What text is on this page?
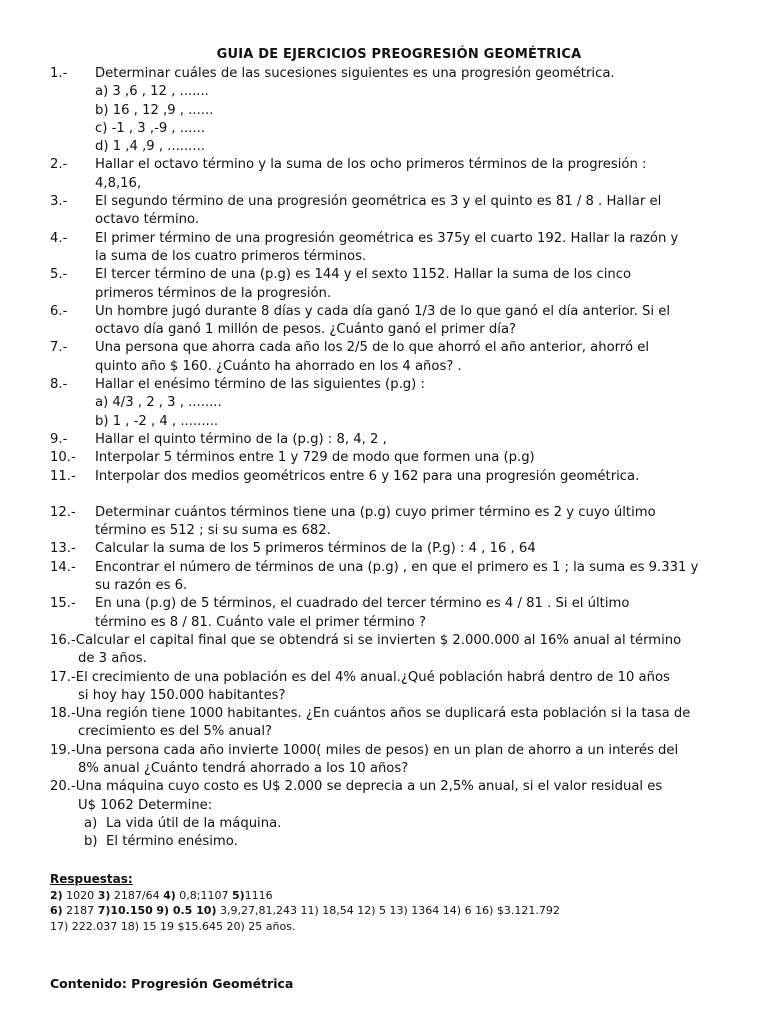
GUIA DE EJERCICIOS PREOGRESIÓN GEOMÉTRICA
1.-	Determinar cuáles de las sucesiones siguientes es una progresión geométrica.
a) 3 ,6 , 12 , .......
b) 16 , 12 ,9 , ......
c) -1 , 3 ,-9 , ......
d) 1 ,4 ,9 , .........
2.-	Hallar el octavo término y la suma de los ocho primeros términos de la progresión :
4,8,16,
3.-	El segundo término de una progresión geométrica es 3 y el quinto es 81 / 8 . Hallar el
octavo término.
4.-	El primer término de una progresión geométrica es 375y el cuarto 192. Hallar la razón y
la suma de los cuatro primeros términos.
5.-	El tercer término de una (p.g) es 144 y el sexto 1152. Hallar la suma de los cinco
primeros términos de la progresión.
6.-	Un hombre jugó durante 8 días y cada día ganó 1/3 de lo que ganó el día anterior. Si el
octavo día ganó 1 millón de pesos. ¿Cuánto ganó el primer día?
7.-	Una persona que ahorra cada año los 2/5 de lo que ahorró el año anterior, ahorró el
quinto año $ 160. ¿Cuánto ha ahorrado en los 4 años? .
8.-	Hallar el enésimo término de las siguientes (p.g) :
a) 4/3 , 2 , 3 , ........
b) 1 , -2 , 4 , .........
9.-	Hallar el quinto término de la (p.g) : 8, 4, 2 ,
10.-	Interpolar 5 términos entre 1 y 729 de modo que formen una (p.g)
11.-	Interpolar dos medios geométricos entre 6 y 162 para una progresión geométrica.
12.-	Determinar cuántos términos tiene una (p.g) cuyo primer término es 2 y cuyo último
término es 512 ; si su suma es 682.
13.-	Calcular la suma de los 5 primeros términos de la (P.g) : 4 , 16 , 64
14.-	Encontrar el número de términos de una (p.g) , en que el primero es 1 ; la suma es 9.331 y
su razón es 6.
15.-	En una (p.g) de 5 términos, el cuadrado del tercer término es 4 / 81 . Si el último
término es 8 / 81. Cuánto vale el primer término ?
16.-Calcular el capital final que se obtendrá si se invierten $ 2.000.000 al 16% anual al término
de 3 años.
17.-El crecimiento de una población es del 4% anual.¿Qué población habrá dentro de 10 años
si hoy hay 150.000 habitantes?
18.-Una región tiene 1000 habitantes. ¿En cuántos años se duplicará esta población si la tasa de
crecimiento es del 5% anual?
19.-Una persona cada año invierte 1000( miles de pesos) en un plan de ahorro a un interés del
8% anual ¿Cuánto tendrá ahorrado a los 10 años?
20.-Una máquina cuyo costo es U$ 2.000 se deprecia a un 2,5% anual, si el valor residual es
U$ 1062 Determine:
a) La vida útil de la máquina.
b) El término enésimo.
Respuestas:
2) 1020 3) 2187/64 4) 0,8;1107 5)1116
6) 2187 7)10.150 9) 0.5 10) 3,9,27,81,243 11) 18,54 12) 5 13) 1364 14) 6 16) $3.121.792
17) 222.037 18) 15 19 $15.645 20) 25 años.
Contenido: Progresión Geométrica
